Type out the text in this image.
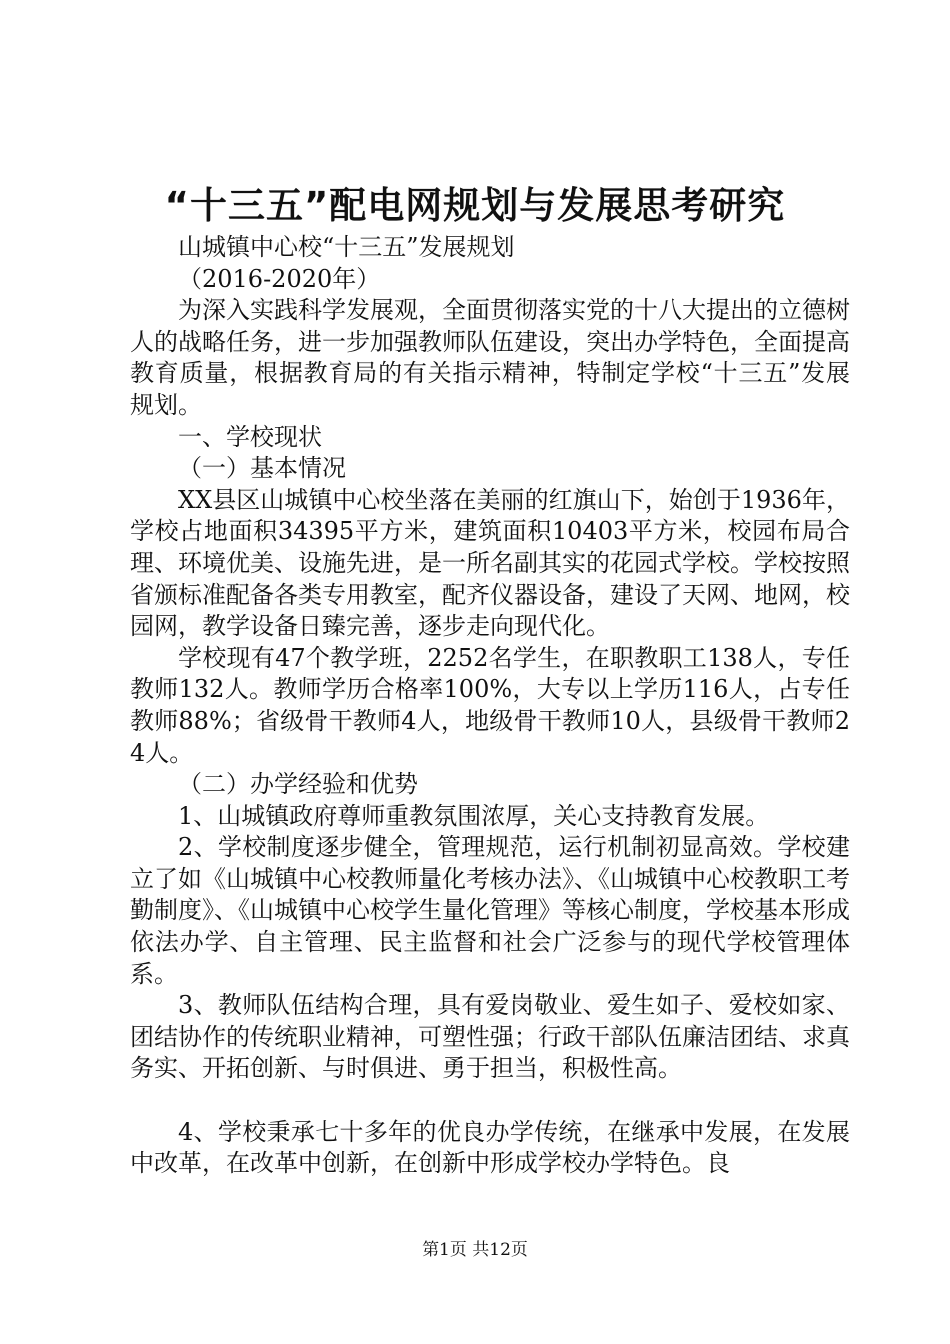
“十三五”配电网规划与发展思考研究

山城镇中心校“十三五”发展规划

（2016-2020年）

为深入实践科学发展观，全面贯彻落实党的十八大提出的立德树人的战略任务，进一步加强教师队伍建设，突出办学特色，全面提高教育质量，根据教育局的有关指示精神，特制定学校“十三五”发展规划。

一、学校现状

（一）基本情况

XX县区山城镇中心校坐落在美丽的红旗山下，始创于1936年，学校占地面积34395平方米，建筑面积10403平方米，校园布局合理、环境优美、设施先进，是一所名副其实的花园式学校。学校按照省颁标准配备各类专用教室，配齐仪器设备，建设了天网、地网，校园网，教学设备日臻完善，逐步走向现代化。

学校现有47个教学班，2252名学生，在职教职工138人，专任教师132人。教师学历合格率100%，大专以上学历116人，占专任教师88%；省级骨干教师4人，地级骨干教师10人，县级骨干教师24人。

（二）办学经验和优势

1、山城镇政府尊师重教氛围浓厚，关心支持教育发展。

2、学校制度逐步健全，管理规范，运行机制初显高效。学校建立了如《山城镇中心校教师量化考核办法》、《山城镇中心校教职工考勤制度》、《山城镇中心校学生量化管理》等核心制度，学校基本形成依法办学、自主管理、民主监督和社会广泛参与的现代学校管理体系。

3、教师队伍结构合理，具有爱岗敬业、爱生如子、爱校如家、团结协作的传统职业精神，可塑性强；行政干部队伍廉洁团结、求真务实、开拓创新、与时俱进、勇于担当，积极性高。

4、学校秉承七十多年的优良办学传统，在继承中发展，在发展中改革，在改革中创新，在创新中形成学校办学特色。良

第1页 共12页
